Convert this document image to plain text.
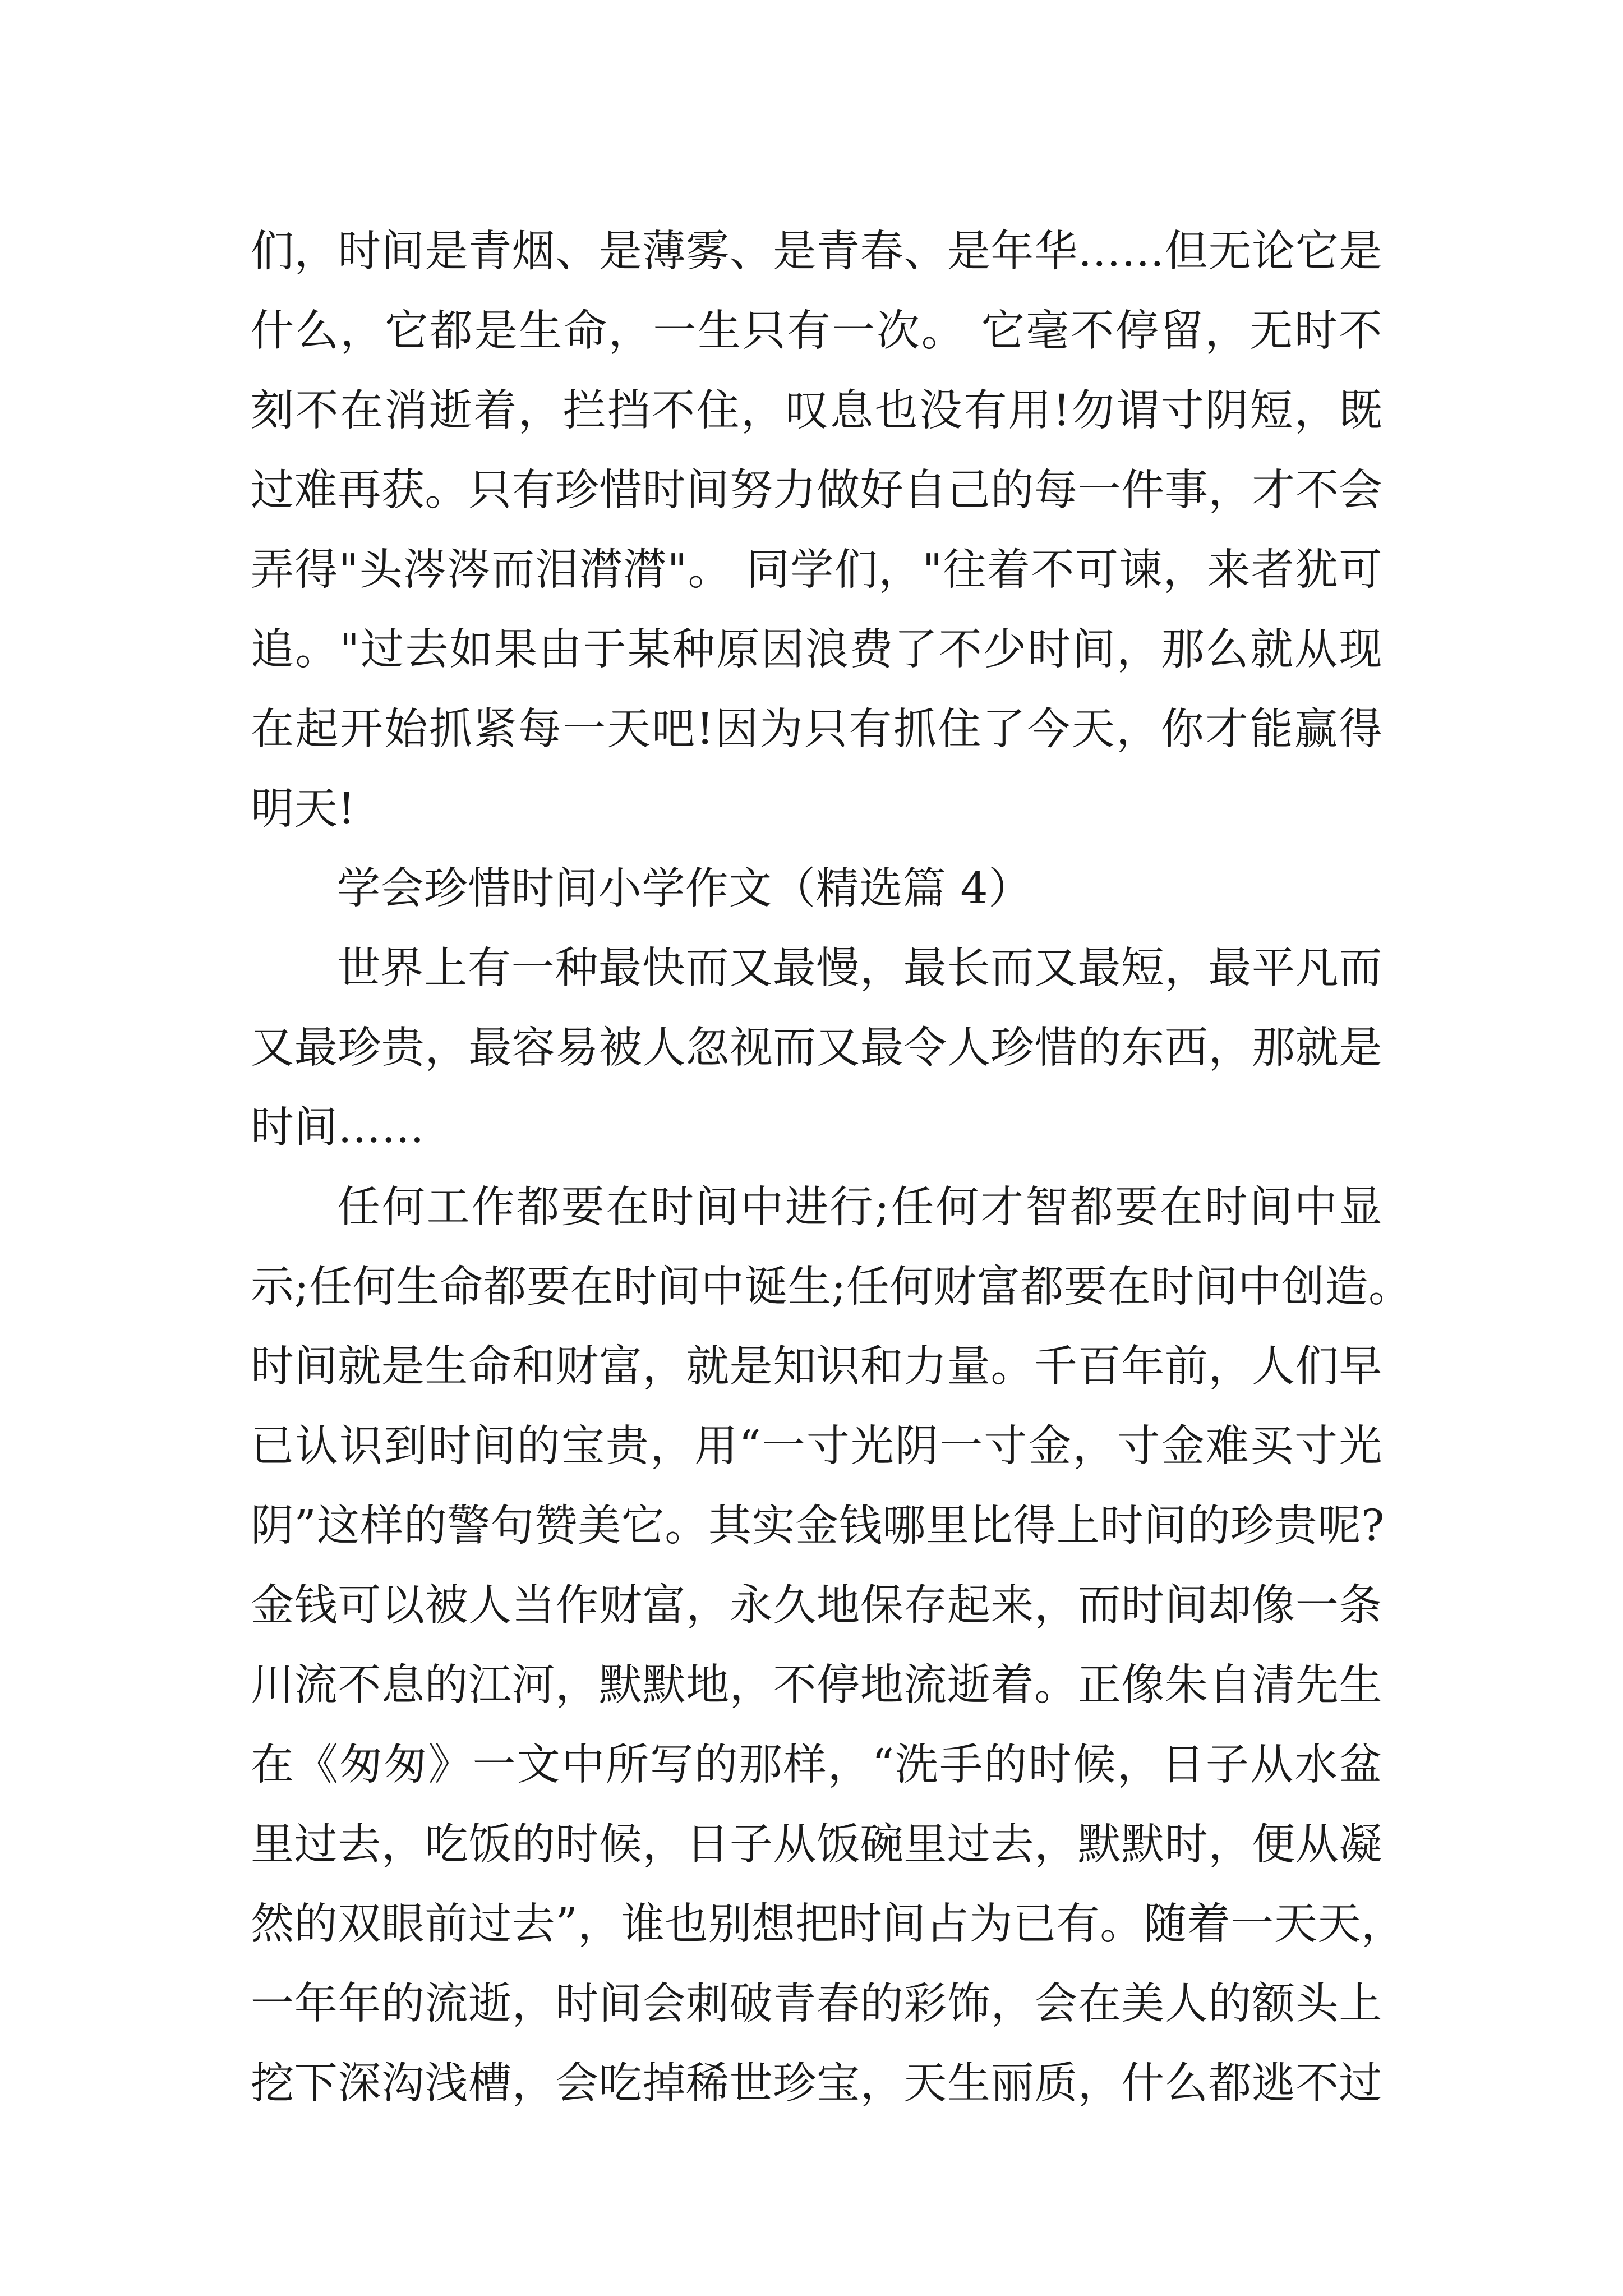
们，时间是青烟、是薄雾、是青春、是年华……但无论它是
什么，它都是生命，一生只有一次。 它毫不停留，无时不
刻不在消逝着，拦挡不住，叹息也没有用!勿谓寸阴短，既
过难再获。只有珍惜时间努力做好自己的每一件事，才不会
弄得"头涔涔而泪潸潸"。 同学们，"往着不可谏，来者犹可
追。"过去如果由于某种原因浪费了不少时间，那么就从现
在起开始抓紧每一天吧!因为只有抓住了今天，你才能赢得
明天!
学会珍惜时间小学作文（精选篇 4）
世界上有一种最快而又最慢，最长而又最短，最平凡而
又最珍贵，最容易被人忽视而又最令人珍惜的东西，那就是
时间……
任何工作都要在时间中进行;任何才智都要在时间中显
示;任何生命都要在时间中诞生;任何财富都要在时间中创造。
时间就是生命和财富，就是知识和力量。千百年前，人们早
已认识到时间的宝贵，用“一寸光阴一寸金，寸金难买寸光
阴”这样的警句赞美它。其实金钱哪里比得上时间的珍贵呢?
金钱可以被人当作财富，永久地保存起来，而时间却像一条
川流不息的江河，默默地，不停地流逝着。正像朱自清先生
在《匆匆》一文中所写的那样，“洗手的时候，日子从水盆
里过去，吃饭的时候，日子从饭碗里过去，默默时，便从凝
然的双眼前过去”，谁也别想把时间占为已有。随着一天天，
一年年的流逝，时间会刺破青春的彩饰，会在美人的额头上
挖下深沟浅槽，会吃掉稀世珍宝，天生丽质，什么都逃不过
